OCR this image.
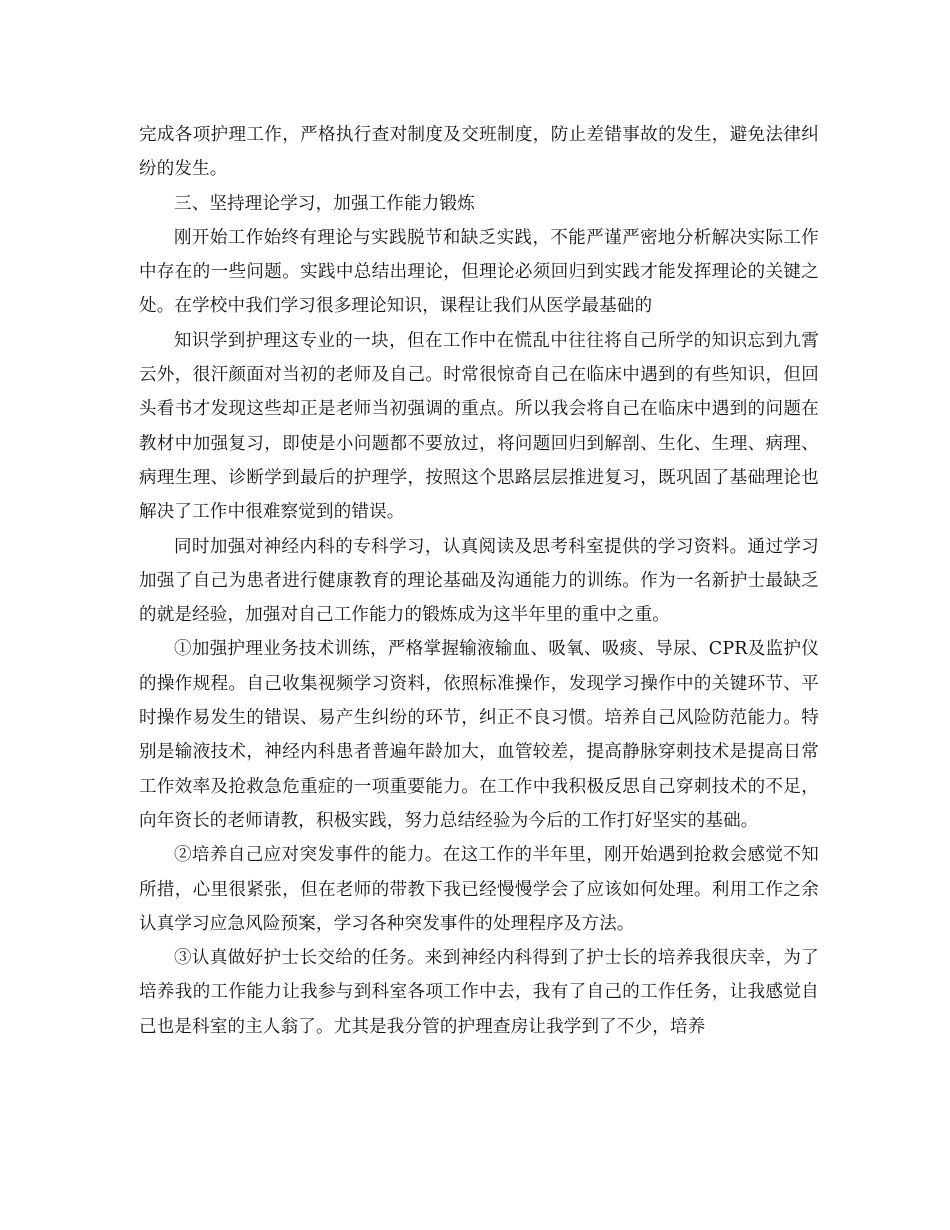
完成各项护理工作，严格执行查对制度及交班制度，防止差错事故的发生，避免法律纠纷的发生。

三、坚持理论学习，加强工作能力锻炼

刚开始工作始终有理论与实践脱节和缺乏实践，不能严谨严密地分析解决实际工作中存在的一些问题。实践中总结出理论，但理论必须回归到实践才能发挥理论的关键之处。在学校中我们学习很多理论知识，课程让我们从医学最基础的

知识学到护理这专业的一块，但在工作中在慌乱中往往将自己所学的知识忘到九霄云外，很汗颜面对当初的老师及自己。时常很惊奇自己在临床中遇到的有些知识，但回头看书才发现这些却正是老师当初强调的重点。所以我会将自己在临床中遇到的问题在教材中加强复习，即使是小问题都不要放过，将问题回归到解剖、生化、生理、病理、病理生理、诊断学到最后的护理学，按照这个思路层层推进复习，既巩固了基础理论也解决了工作中很难察觉到的错误。

同时加强对神经内科的专科学习，认真阅读及思考科室提供的学习资料。通过学习加强了自己为患者进行健康教育的理论基础及沟通能力的训练。作为一名新护士最缺乏的就是经验，加强对自己工作能力的锻炼成为这半年里的重中之重。

①加强护理业务技术训练，严格掌握输液输血、吸氧、吸痰、导尿、CPR及监护仪的操作规程。自己收集视频学习资料，依照标准操作，发现学习操作中的关键环节、平时操作易发生的错误、易产生纠纷的环节，纠正不良习惯。培养自己风险防范能力。特别是输液技术，神经内科患者普遍年龄加大，血管较差，提高静脉穿刺技术是提高日常工作效率及抢救急危重症的一项重要能力。在工作中我积极反思自己穿刺技术的不足，向年资长的老师请教，积极实践，努力总结经验为今后的工作打好坚实的基础。

②培养自己应对突发事件的能力。在这工作的半年里，刚开始遇到抢救会感觉不知所措，心里很紧张，但在老师的带教下我已经慢慢学会了应该如何处理。利用工作之余认真学习应急风险预案，学习各种突发事件的处理程序及方法。

③认真做好护士长交给的任务。来到神经内科得到了护士长的培养我很庆幸，为了培养我的工作能力让我参与到科室各项工作中去，我有了自己的工作任务，让我感觉自己也是科室的主人翁了。尤其是我分管的护理查房让我学到了不少，培养
